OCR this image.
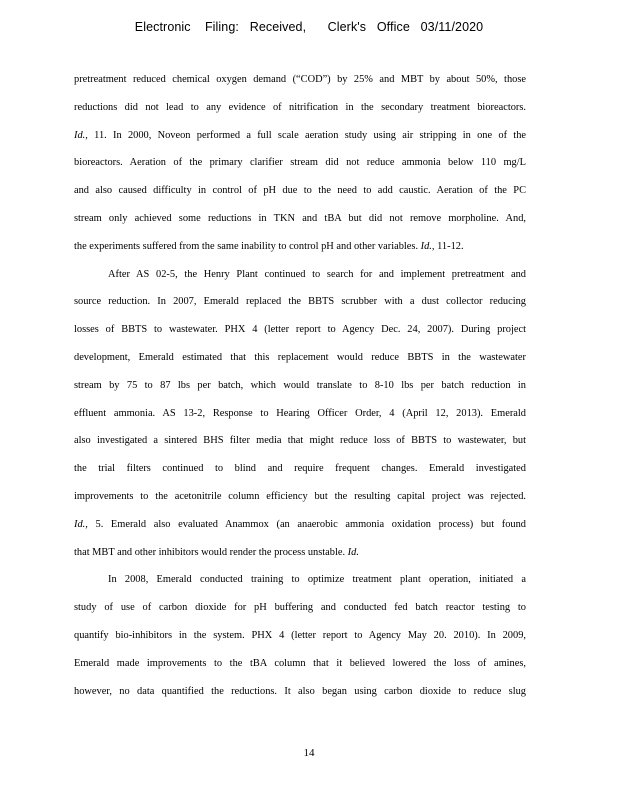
Electronic    Filing:   Received,      Clerk's   Office   03/11/2020
pretreatment reduced chemical oxygen demand (“COD”) by 25% and MBT by about 50%, those
reductions did not lead to any evidence of nitrification in the secondary treatment bioreactors.
Id., 11. In 2000, Noveon performed a full scale aeration study using air stripping in one of the
bioreactors. Aeration of the primary clarifier stream did not reduce ammonia below 110 mg/L
and also caused difficulty in control of pH due to the need to add caustic. Aeration of the PC
stream only achieved some reductions in TKN and tBA but did not remove morpholine. And,
the experiments suffered from the same inability to control pH and other variables. Id., 11-12.
After AS 02-5, the Henry Plant continued to search for and implement pretreatment and
source reduction. In 2007, Emerald replaced the BBTS scrubber with a dust collector reducing
losses of BBTS to wastewater. PHX 4 (letter report to Agency Dec. 24, 2007). During project
development, Emerald estimated that this replacement would reduce BBTS in the wastewater
stream by 75 to 87 lbs per batch, which would translate to 8-10 lbs per batch reduction in
effluent ammonia. AS 13-2, Response to Hearing Officer Order, 4 (April 12, 2013). Emerald
also investigated a sintered BHS filter media that might reduce loss of BBTS to wastewater, but
the trial filters continued to blind and require frequent changes. Emerald investigated
improvements to the acetonitrile column efficiency but the resulting capital project was rejected.
Id., 5. Emerald also evaluated Anammox (an anaerobic ammonia oxidation process) but found
that MBT and other inhibitors would render the process unstable. Id.
In 2008, Emerald conducted training to optimize treatment plant operation, initiated a
study of use of carbon dioxide for pH buffering and conducted fed batch reactor testing to
quantify bio-inhibitors in the system. PHX 4 (letter report to Agency May 20. 2010). In 2009,
Emerald made improvements to the tBA column that it believed lowered the loss of amines,
however, no data quantified the reductions. It also began using carbon dioxide to reduce slug
14
